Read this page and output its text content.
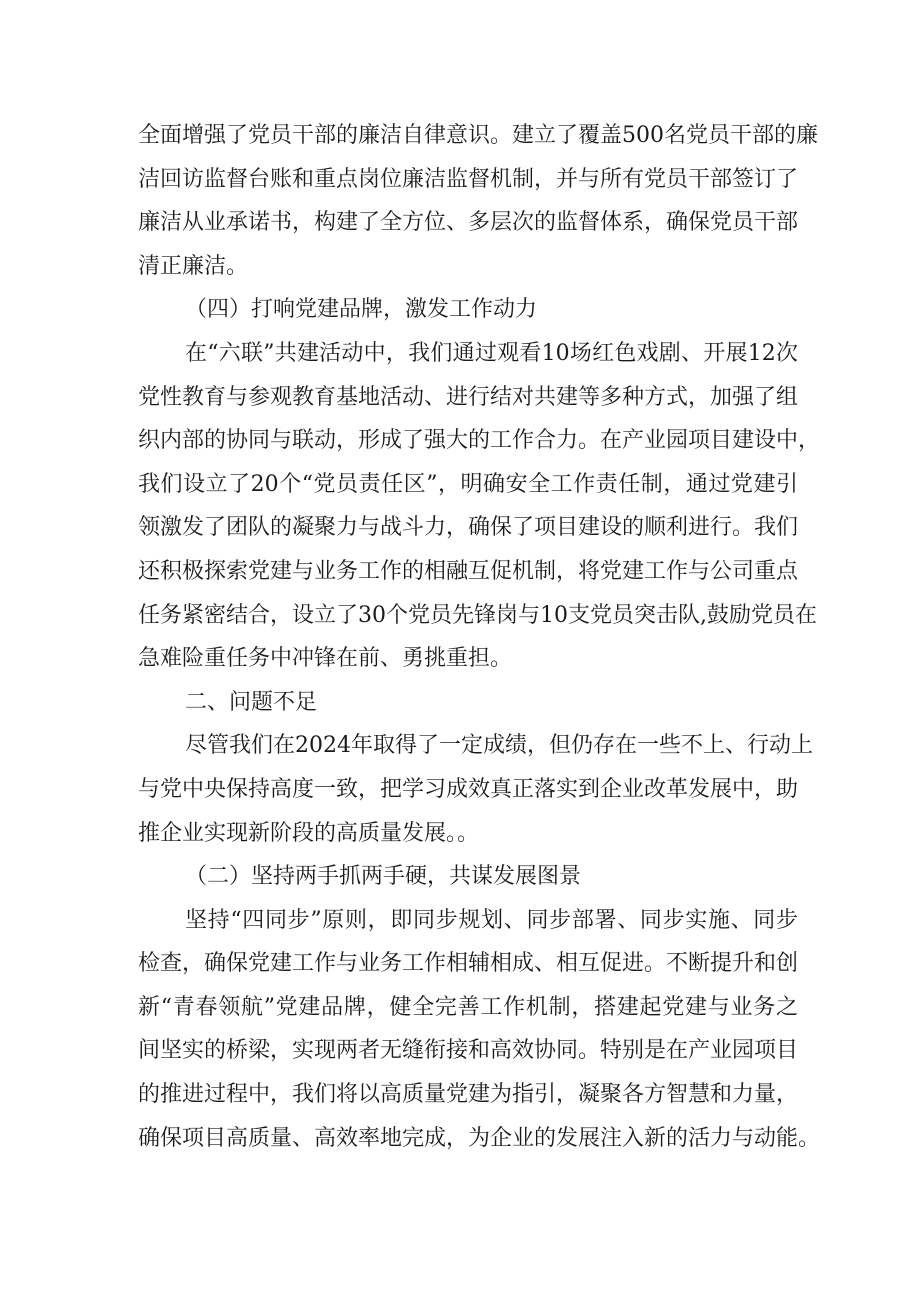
全面增强了党员干部的廉洁自律意识。建立了覆盖500名党员干部的廉
洁回访监督台账和重点岗位廉洁监督机制，并与所有党员干部签订了
廉洁从业承诺书，构建了全方位、多层次的监督体系，确保党员干部
清正廉洁。
（四）打响党建品牌，激发工作动力
在“六联”共建活动中，我们通过观看10场红色戏剧、开展12次
党性教育与参观教育基地活动、进行结对共建等多种方式，加强了组
织内部的协同与联动，形成了强大的工作合力。在产业园项目建设中，
我们设立了20个“党员责任区”，明确安全工作责任制，通过党建引
领激发了团队的凝聚力与战斗力，确保了项目建设的顺利进行。我们
还积极探索党建与业务工作的相融互促机制，将党建工作与公司重点
任务紧密结合，设立了30个党员先锋岗与10支党员突击队,鼓励党员在
急难险重任务中冲锋在前、勇挑重担。
二、问题不足
尽管我们在2024年取得了一定成绩，但仍存在一些不上、行动上
与党中央保持高度一致，把学习成效真正落实到企业改革发展中，助
推企业实现新阶段的高质量发展。。
（二）坚持两手抓两手硬，共谋发展图景
坚持“四同步”原则，即同步规划、同步部署、同步实施、同步
检查，确保党建工作与业务工作相辅相成、相互促进。不断提升和创
新“青春领航”党建品牌，健全完善工作机制，搭建起党建与业务之
间坚实的桥梁，实现两者无缝衔接和高效协同。特别是在产业园项目
的推进过程中，我们将以高质量党建为指引，凝聚各方智慧和力量，
确保项目高质量、高效率地完成，为企业的发展注入新的活力与动能。
